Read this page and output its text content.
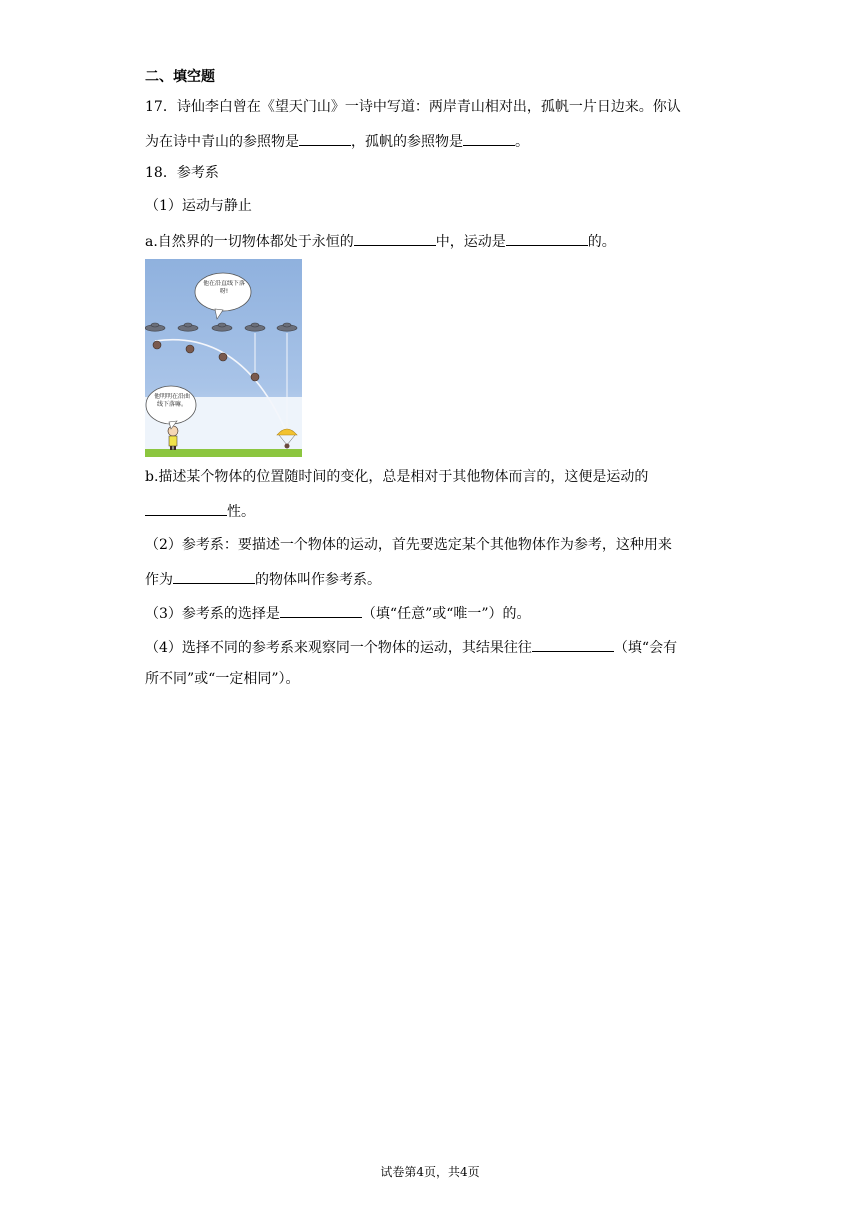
二、填空题
17．诗仙李白曾在《望天门山》一诗中写道：两岸青山相对出，孤帆一片日边来。你认
为在诗中青山的参照物是	，孤帆的参照物是	。
18．参考系
（1）运动与静止
a.自然界的一切物体都处于永恒的	中，运动是	的。
他在沿直线下落呀!
他明明在沿曲线下落嘛。
b.描述某个物体的位置随时间的变化，总是相对于其他物体而言的，这便是运动的
性。
（2）参考系：要描述一个物体的运动，首先要选定某个其他物体作为参考，这种用来
作为	的物体叫作参考系。
（3）参考系的选择是	（填“任意”或“唯一”）的。
（4）选择不同的参考系来观察同一个物体的运动，其结果往往	（填“会有
所不同”或“一定相同”）。
试卷第4页，共4页
